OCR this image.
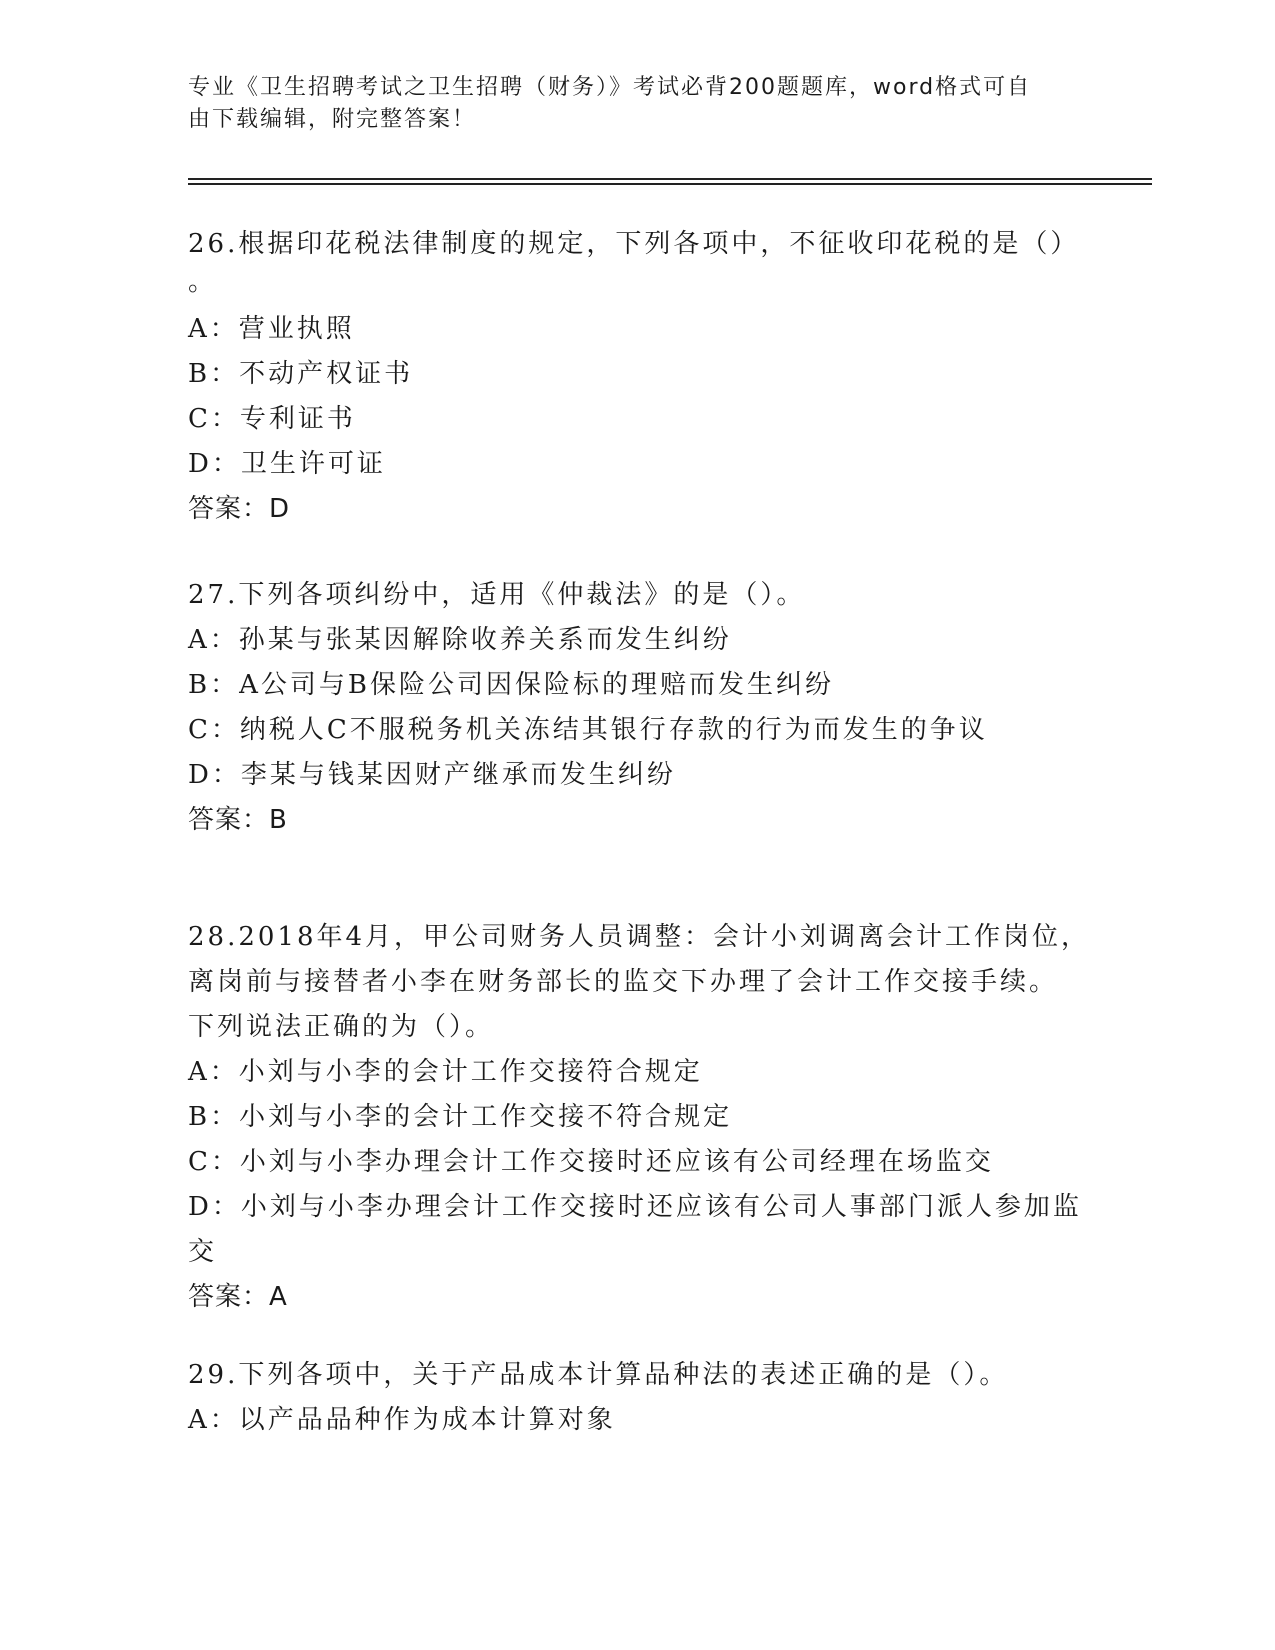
专业《卫生招聘考试之卫生招聘（财务）》考试必背200题题库，word格式可自
由下载编辑，附完整答案！
26.根据印花税法律制度的规定，下列各项中，不征收印花税的是（）
。
A：营业执照
B：不动产权证书
C：专利证书
D：卫生许可证
答案：D
27.下列各项纠纷中，适用《仲裁法》的是（）。
A：孙某与张某因解除收养关系而发生纠纷
B：A公司与B保险公司因保险标的理赔而发生纠纷
C：纳税人C不服税务机关冻结其银行存款的行为而发生的争议
D：李某与钱某因财产继承而发生纠纷
答案：B
28.2018年4月，甲公司财务人员调整：会计小刘调离会计工作岗位，
离岗前与接替者小李在财务部长的监交下办理了会计工作交接手续。
下列说法正确的为（）。
A：小刘与小李的会计工作交接符合规定
B：小刘与小李的会计工作交接不符合规定
C：小刘与小李办理会计工作交接时还应该有公司经理在场监交
D：小刘与小李办理会计工作交接时还应该有公司人事部门派人参加监
交
答案：A
29.下列各项中，关于产品成本计算品种法的表述正确的是（）。
A：以产品品种作为成本计算对象
